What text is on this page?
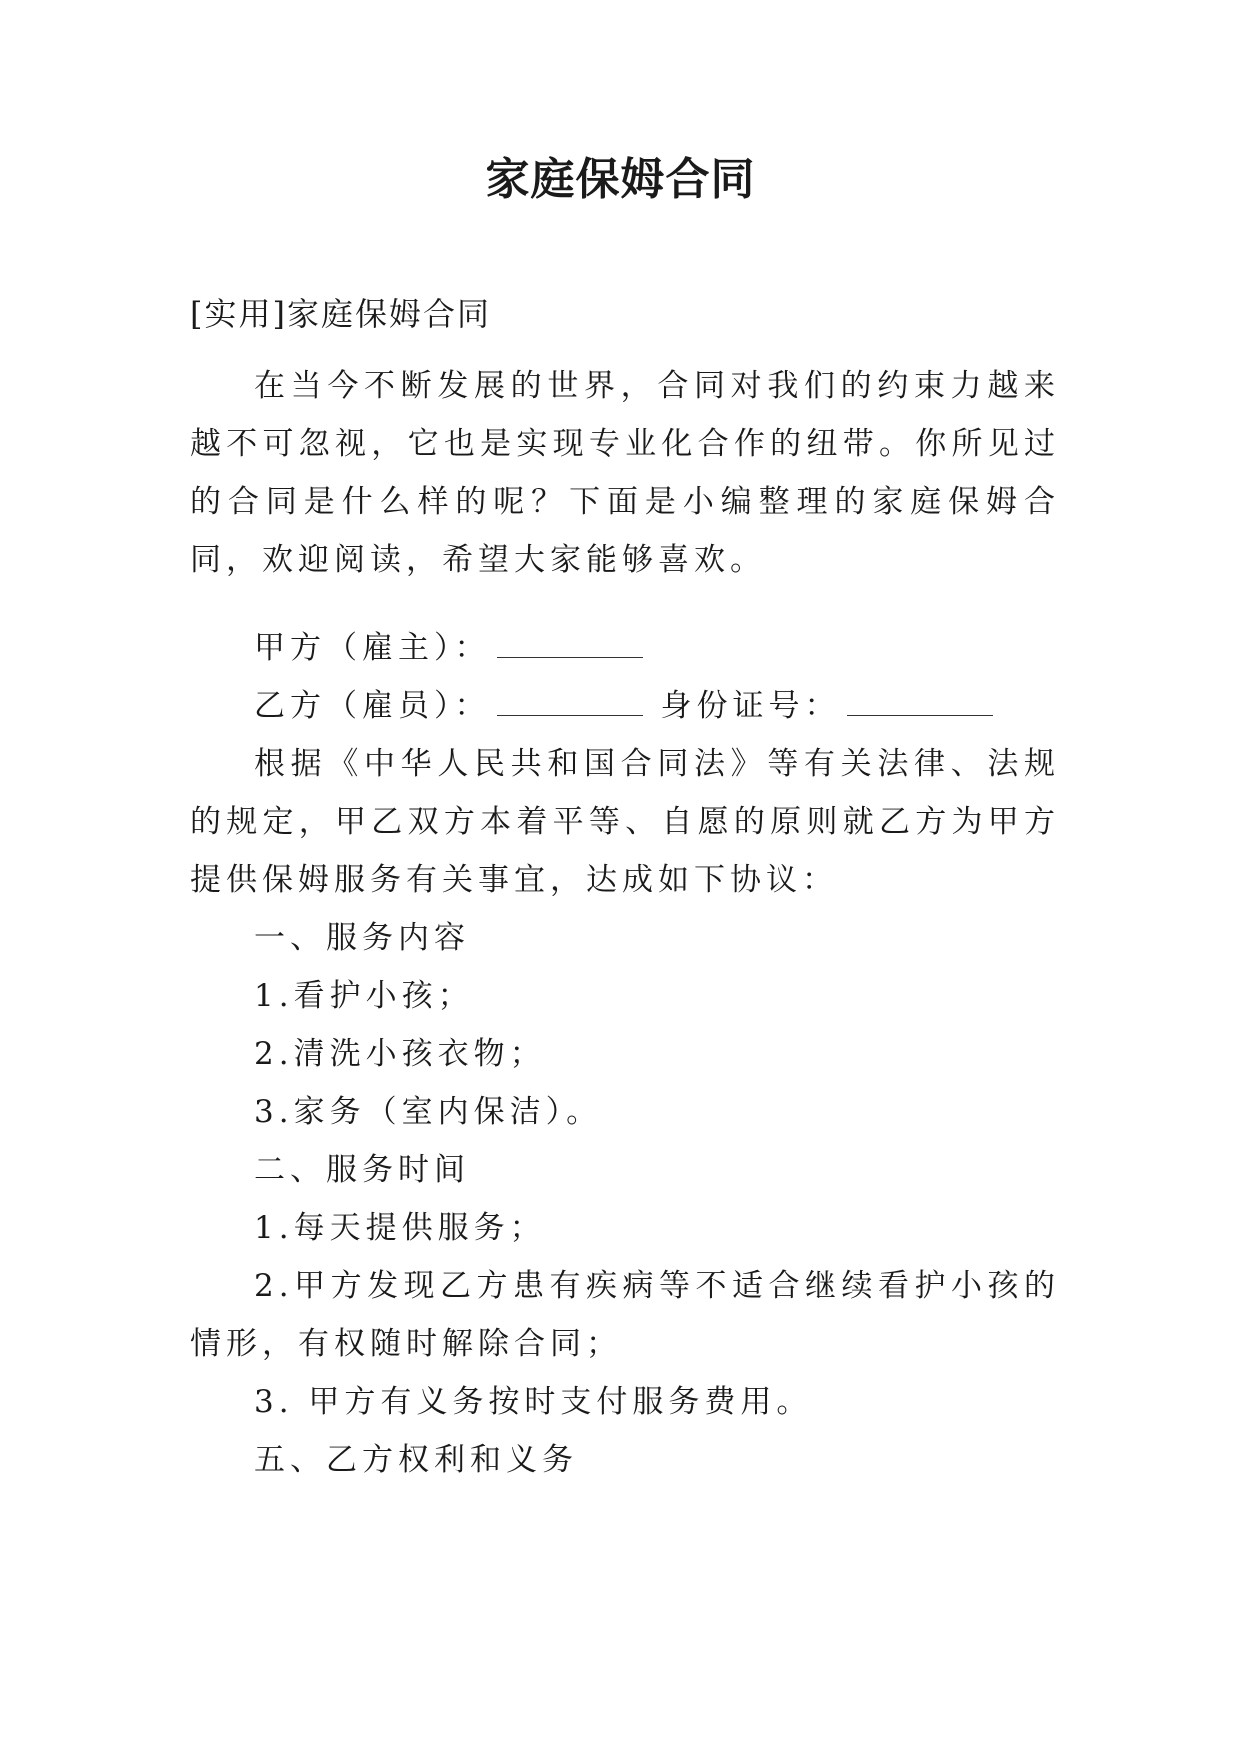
家庭保姆合同
[实用]家庭保姆合同

在当今不断发展的世界，合同对我们的约束力越来越不可忽视，它也是实现专业化合作的纽带。你所见过的合同是什么样的呢？下面是小编整理的家庭保姆合同，欢迎阅读，希望大家能够喜欢。

甲方（雇主）：
乙方（雇员）：	身份证号：

根据《中华人民共和国合同法》等有关法律、法规的规定，甲乙双方本着平等、自愿的原则就乙方为甲方提供保姆服务有关事宜，达成如下协议：

一、服务内容
1.看护小孩；
2.清洗小孩衣物；
3.家务（室内保洁）。
二、服务时间
1.每天提供服务；

2.甲方发现乙方患有疾病等不适合继续看护小孩的情形，有权随时解除合同；

3. 甲方有义务按时支付服务费用。
五、乙方权利和义务
